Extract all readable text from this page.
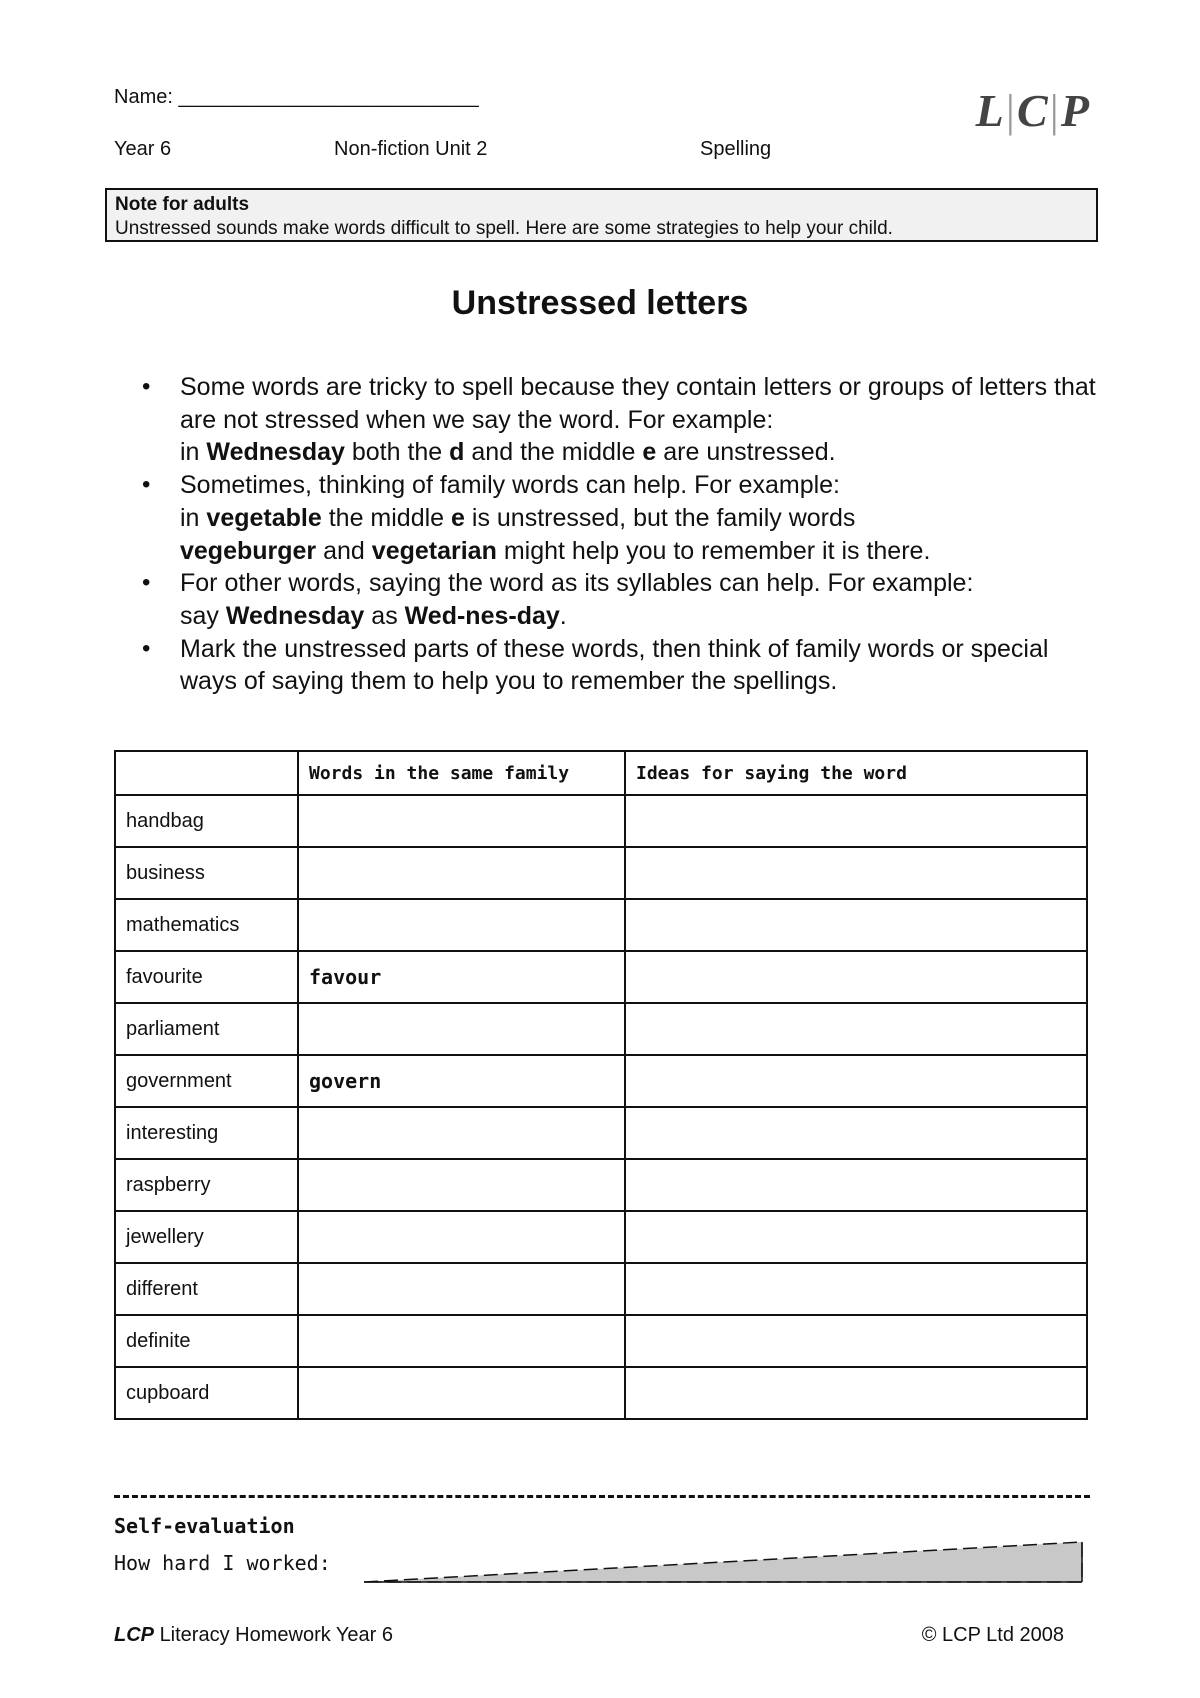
Name: ___________________________	L|C|P
Year 6	Non-fiction Unit 2	Spelling
Note for adults
Unstressed sounds make words difficult to spell. Here are some strategies to help your child.
Unstressed letters
• Some words are tricky to spell because they contain letters or groups of letters that are not stressed when we say the word. For example:
in Wednesday both the d and the middle e are unstressed.
• Sometimes, thinking of family words can help. For example:
in vegetable the middle e is unstressed, but the family words
vegeburger and vegetarian might help you to remember it is there.
• For other words, saying the word as its syllables can help. For example:
say Wednesday as Wed-nes-day.
• Mark the unstressed parts of these words, then think of family words or special ways of saying them to help you to remember the spellings.
	Words in the same family	Ideas for saying the word
handbag		
business		
mathematics		
favourite	favour	
parliament		
government	govern	
interesting		
raspberry		
jewellery		
different		
definite		
cupboard		
Self-evaluation
How hard I worked:
LCP Literacy Homework Year 6	© LCP Ltd 2008
